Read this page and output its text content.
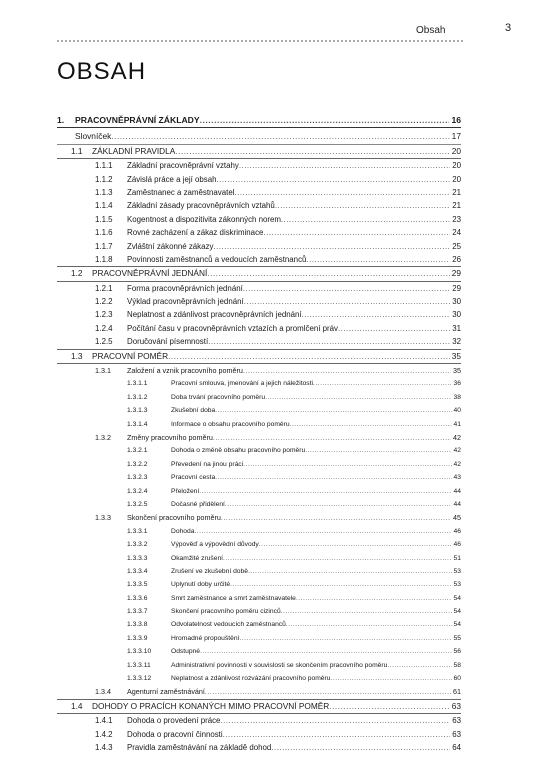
Obsah	3
OBSAH
1. PRACOVNĚPRÁVNÍ ZÁKLADY .....	16
Slovníček .....	17
1.1 ZÁKLADNÍ PRAVIDLA .....	20
1.1.1 Základní pracovněprávní vztahy .....	20
1.1.2 Závislá práce a její obsah .....	20
1.1.3 Zaměstnanec a zaměstnavatel .....	21
1.1.4 Základní zásady pracovněprávních vztahů .....	21
1.1.5 Kogentnost a dispozitivita zákonných norem .....	23
1.1.6 Rovné zacházení a zákaz diskriminace .....	24
1.1.7 Zvláštní zákonné zákazy .....	25
1.1.8 Povinnosti zaměstnanců a vedoucích zaměstnanců .....	26
1.2 PRACOVNĚPRÁVNÍ JEDNÁNÍ .....	29
1.2.1 Forma pracovněprávních jednání .....	29
1.2.2 Výklad pracovněprávních jednání .....	30
1.2.3 Neplatnost a zdánlivost pracovněprávních jednání .....	30
1.2.4 Počítání času v pracovněprávních vztazích a promlčení práv .....	31
1.2.5 Doručování písemností .....	32
1.3 PRACOVNÍ POMĚR .....	35
1.3.1 Založení a vznik pracovního poměru .....	35
1.3.1.1	Pracovní smlouva, jmenování a jejich náležitosti .....	36
1.3.1.2	Doba trvání pracovního poměru .....	38
1.3.1.3	Zkušební doba .....	40
1.3.1.4	Informace o obsahu pracovního poměru .....	41
1.3.2 Změny pracovního poměru .....	42
1.3.2.1	Dohoda o změně obsahu pracovního poměru .....	42
1.3.2.2	Převedení na jinou práci .....	42
1.3.2.3	Pracovní cesta .....	43
1.3.2.4	Přeložení .....	44
1.3.2.5	Dočasné přidělení .....	44
1.3.3 Skončení pracovního poměru .....	45
1.3.3.1	Dohoda .....	46
1.3.3.2	Výpověď a výpovědní důvody .....	46
1.3.3.3	Okamžité zrušení .....	51
1.3.3.4	Zrušení ve zkušební době .....	53
1.3.3.5	Uplynutí doby určité .....	53
1.3.3.6	Smrt zaměstnance a smrt zaměstnavatele .....	54
1.3.3.7	Skončení pracovního poměru cizinců .....	54
1.3.3.8	Odvolatelnost vedoucích zaměstnanců .....	54
1.3.3.9	Hromadné propouštění .....	55
1.3.3.10	Odstupné .....	56
1.3.3.11	Administrativní povinnosti v souvislosti se skončením pracovního poměru .....	58
1.3.3.12	Neplatnost a zdánlivost rozvázání pracovního poměru .....	60
1.3.4 Agenturní zaměstnávání .....	61
1.4 DOHODY O PRACÍCH KONANÝCH MIMO PRACOVNÍ POMĚR .....	63
1.4.1 Dohoda o provedení práce .....	63
1.4.2 Dohoda o pracovní činnosti .....	63
1.4.3 Pravidla zaměstnávání na základě dohod .....	64
